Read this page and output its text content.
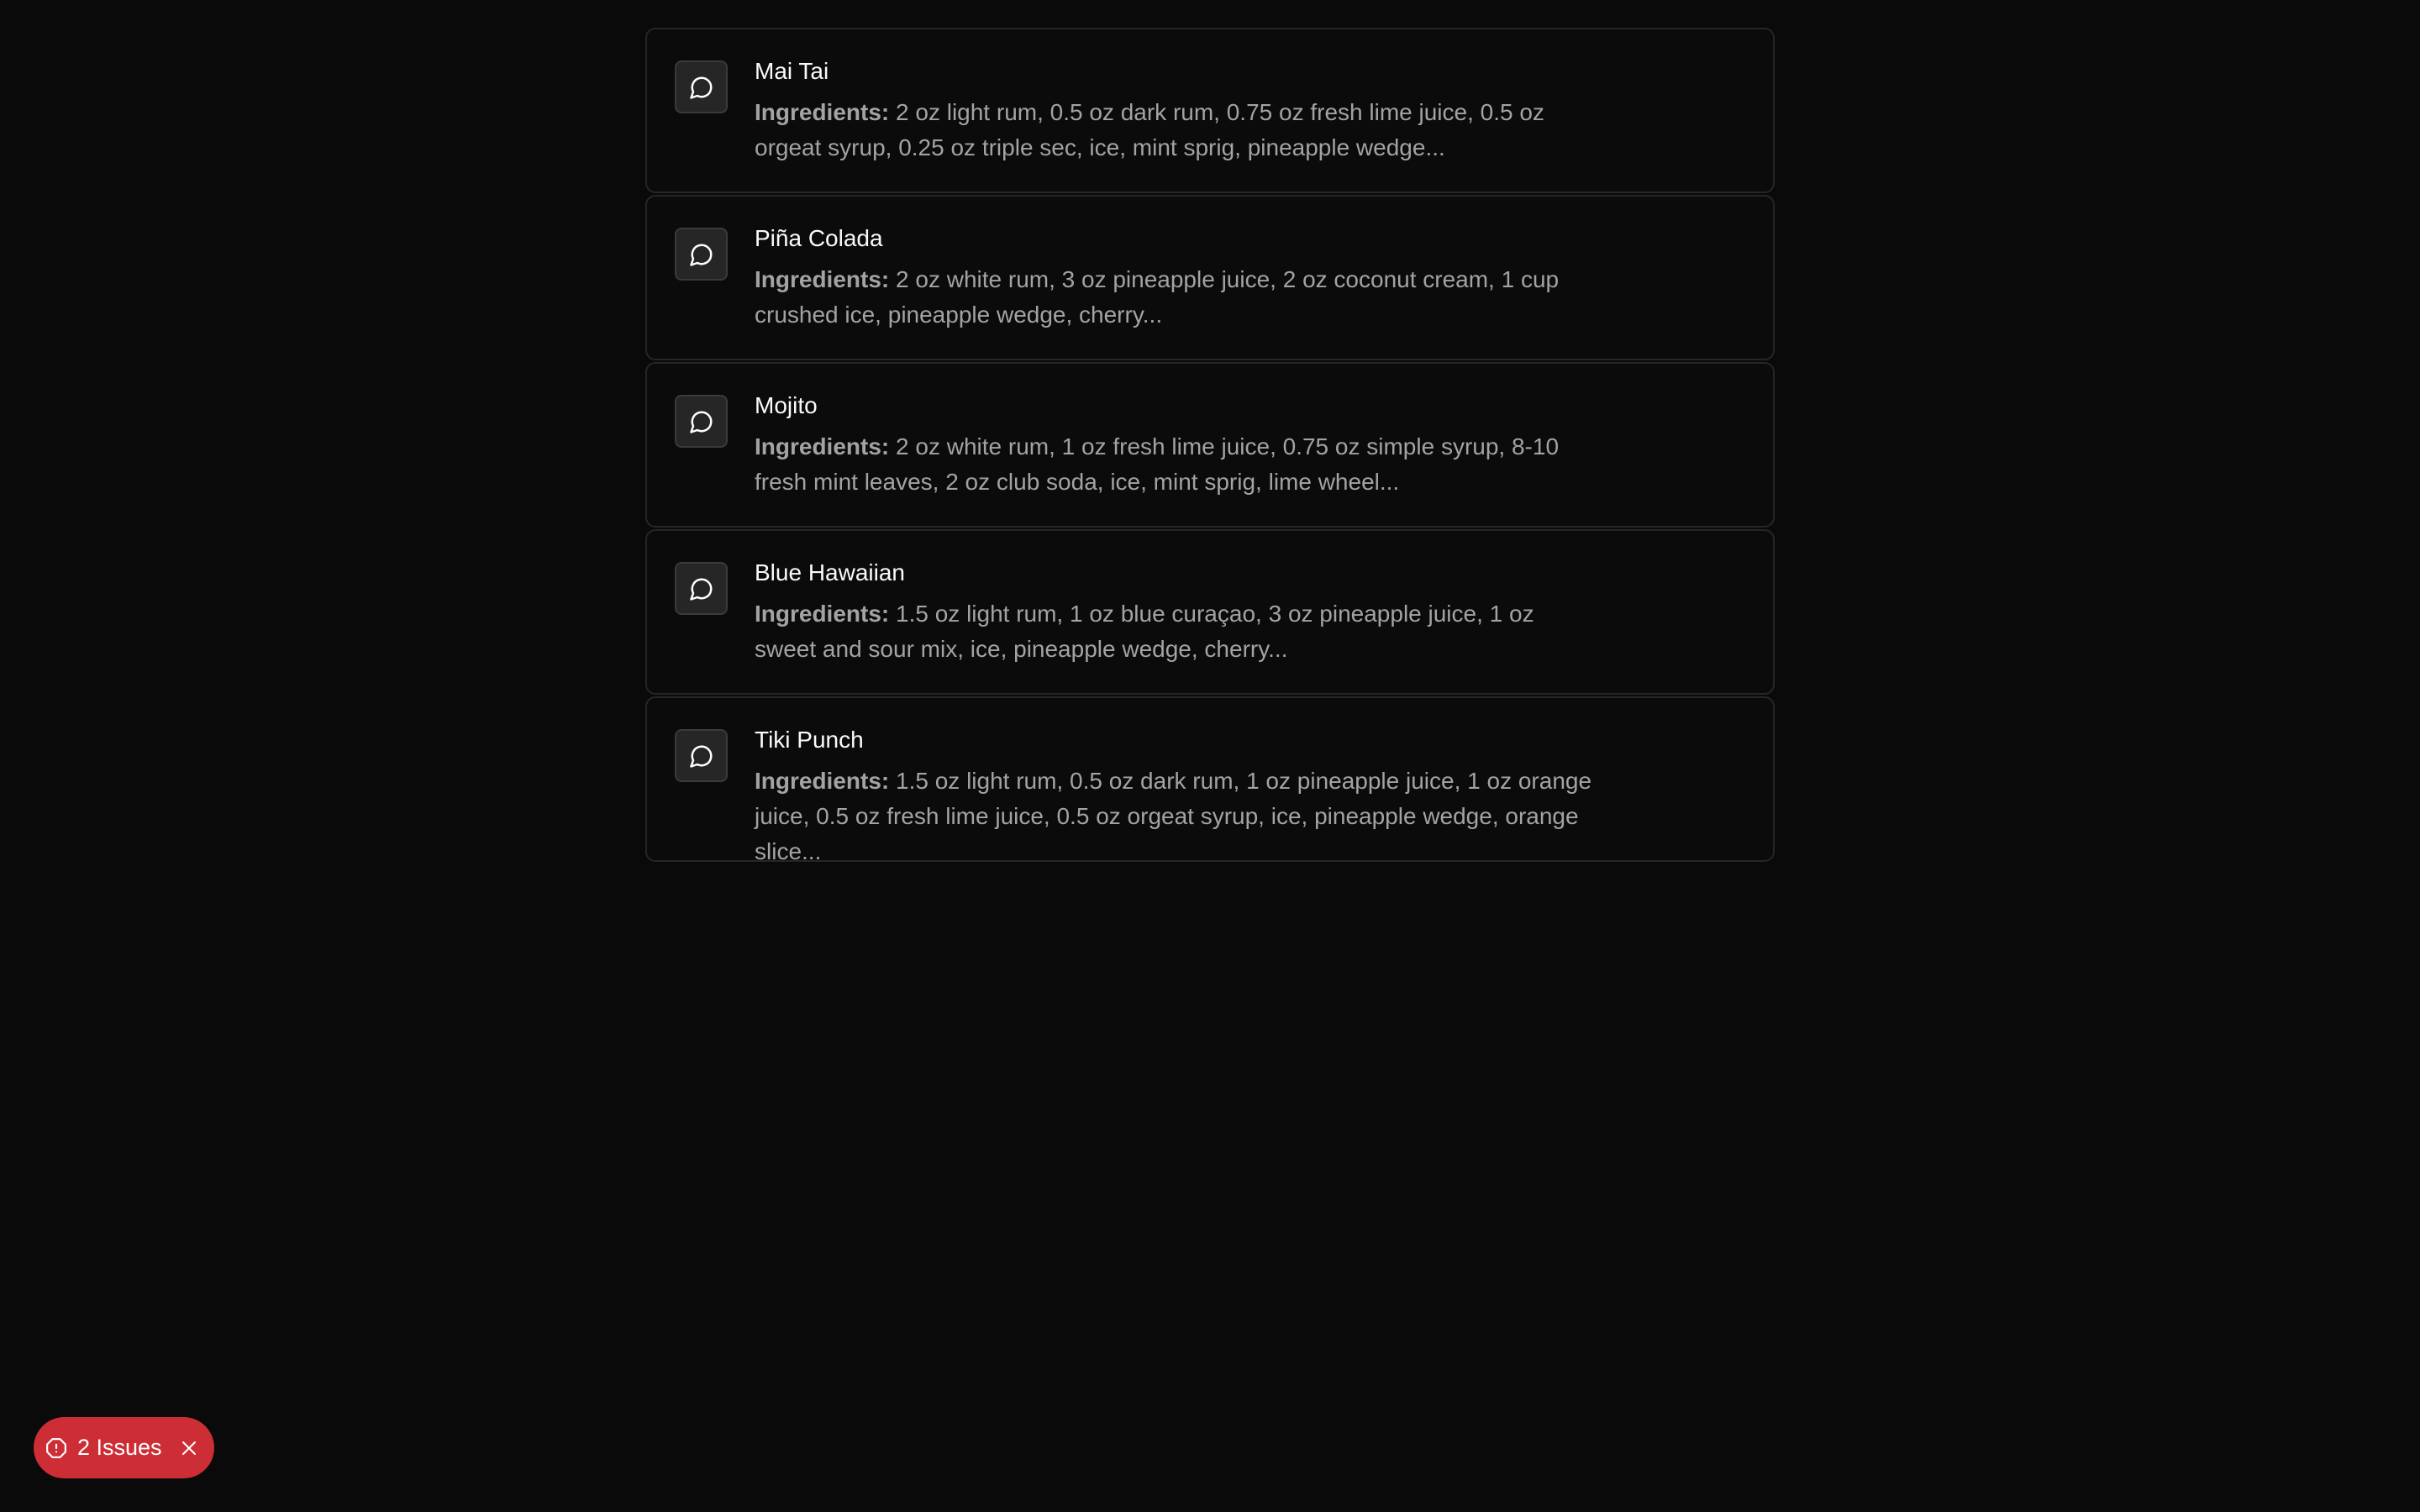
Mai Tai
Ingredients: 2 oz light rum, 0.5 oz dark rum, 0.75 oz fresh lime juice, 0.5 oz orgeat syrup, 0.25 oz triple sec, ice, mint sprig, pineapple wedge...
Piña Colada
Ingredients: 2 oz white rum, 3 oz pineapple juice, 2 oz coconut cream, 1 cup crushed ice, pineapple wedge, cherry...
Mojito
Ingredients: 2 oz white rum, 1 oz fresh lime juice, 0.75 oz simple syrup, 8-10 fresh mint leaves, 2 oz club soda, ice, mint sprig, lime wheel...
Blue Hawaiian
Ingredients: 1.5 oz light rum, 1 oz blue curaçao, 3 oz pineapple juice, 1 oz sweet and sour mix, ice, pineapple wedge, cherry...
Tiki Punch
Ingredients: 1.5 oz light rum, 0.5 oz dark rum, 1 oz pineapple juice, 1 oz orange juice, 0.5 oz fresh lime juice, 0.5 oz orgeat syrup, ice, pineapple wedge, orange slice...
2 Issues
